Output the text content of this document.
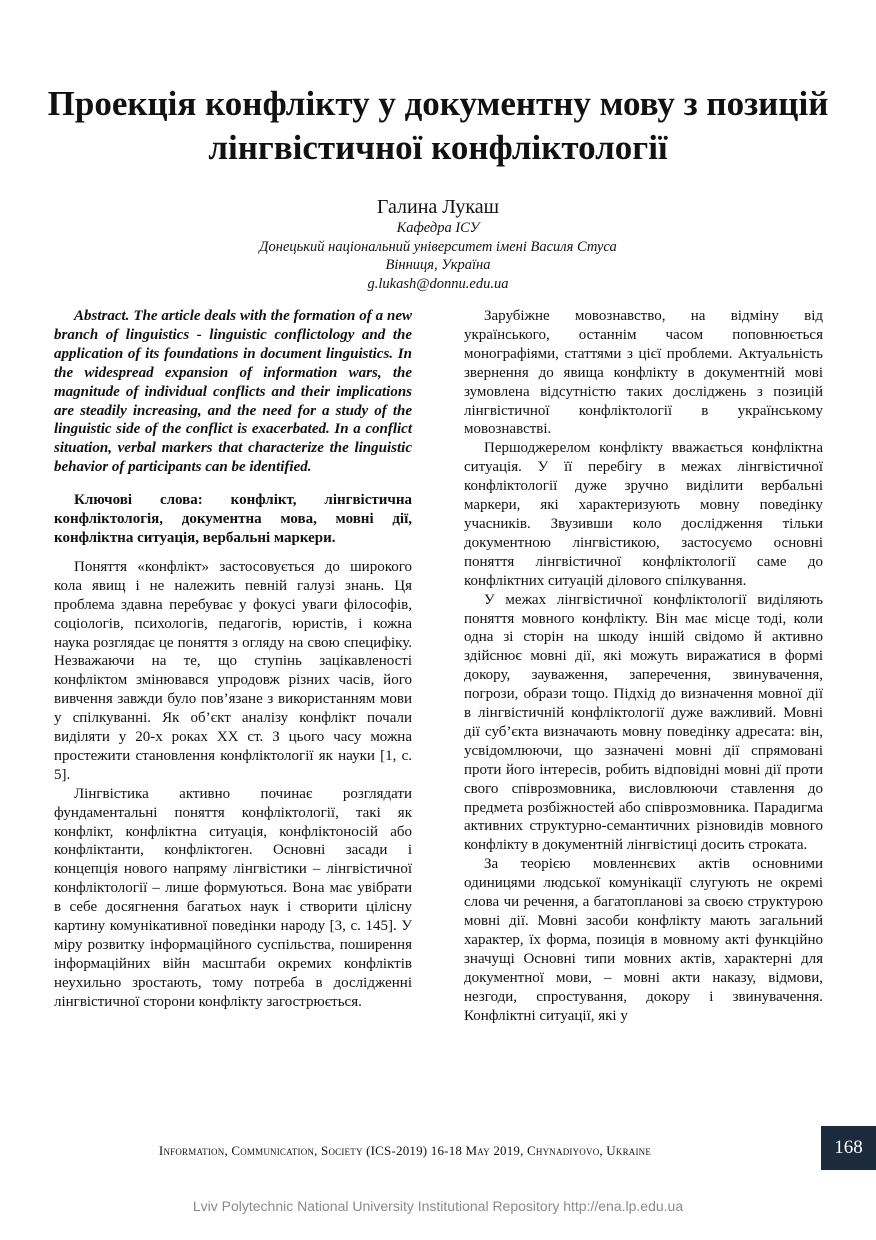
Проекція конфлікту у документну мову з позицій лінгвістичної конфліктології
Галина Лукаш
Кафедра ІСУ
Донецький національний університет імені Василя Стуса
Вінниця, Україна
g.lukash@donnu.edu.ua

Abstract. The article deals with the formation of a new branch of linguistics - linguistic conflictology and the application of its foundations in document linguistics. In the widespread expansion of information wars, the magnitude of individual conflicts and their implications are steadily increasing, and the need for a study of the linguistic side of the conflict is exacerbated. In a conflict situation, verbal markers that characterize the linguistic behavior of participants can be identified.

Ключові слова: конфлікт, лінгвістична конфліктологія, документна мова, мовні дії, конфліктна ситуація, вербальні маркери.

Поняття «конфлікт» застосовується до широкого кола явищ і не належить певній галузі знань. Ця проблема здавна перебуває у фокусі уваги філософів, соціологів, психологів, педагогів, юристів, і кожна наука розглядає це поняття з огляду на свою специфіку. Незважаючи на те, що ступінь зацікавленості конфліктом змінювався упродовж різних часів, його вивчення завжди було пов’язане з використанням мови у спілкуванні. Як об’єкт аналізу конфлікт почали виділяти у 20-х роках ХХ ст. З цього часу можна простежити становлення конфліктології як науки [1, с. 5].

Лінгвістика активно починає розглядати фундаментальні поняття конфліктології, такі як конфлікт, конфліктна ситуація, конфліктоносій або конфліктанти, конфліктоген. Основні засади і концепція нового напряму лінгвістики – лінгвістичної конфліктології – лише формуються. Вона має увібрати в себе досягнення багатьох наук і створити цілісну картину комунікативної поведінки народу [3, с. 145]. У міру розвитку інформаційного суспільства, поширення інформаційних війн масштаби окремих конфліктів неухильно зростають, тому потреба в дослідженні лінгвістичної сторони конфлікту загострюється.

Зарубіжне мовознавство, на відміну від українського, останнім часом поповнюється монографіями, статтями з цієї проблеми. Актуальність звернення до явища конфлікту в документній мові зумовлена відсутністю таких досліджень з позицій лінгвістичної конфліктології в українському мовознавстві.

Першоджерелом конфлікту вважається конфліктна ситуація. У її перебігу в межах лінгвістичної конфліктології дуже зручно виділити вербальні маркери, які характеризують мовну поведінку учасників. Звузивши коло дослідження тільки документною лінгвістикою, застосуємо основні поняття лінгвістичної конфліктології саме до конфліктних ситуацій ділового спілкування.

У межах лінгвістичної конфліктології виділяють поняття мовного конфлікту. Він має місце тоді, коли одна зі сторін на шкоду іншій свідомо й активно здійснює мовні дії, які можуть виражатися в формі докору, зауваження, заперечення, звинувачення, погрози, образи тощо. Підхід до визначення мовної дії в лінгвістичній конфліктології дуже важливий. Мовні дії суб’єкта визначають мовну поведінку адресата: він, усвідомлюючи, що зазначені мовні дії спрямовані проти його інтересів, робить відповідні мовні дії проти свого співрозмовника, висловлюючи ставлення до предмета розбіжностей або співрозмовника. Парадигма активних структурно-семантичних різновидів мовного конфлікту в документній лінгвістиці досить строката.

За теорією мовленнєвих актів основними одиницями людської комунікації слугують не окремі слова чи речення, а багатопланові за своєю структурою мовні дії. Мовні засоби конфлікту мають загальний характер, їх форма, позиція в мовному акті функційно значущі Основні типи мовних актів, характерні для документної мови, – мовні акти наказу, відмови, незгоди, спростування, докору і звинувачення. Конфліктні ситуації, які у

Information, Communication, Society (ICS-2019) 16-18 May 2019, Chynadiyovo, Ukraine	168
Lviv Polytechnic National University Institutional Repository http://ena.lp.edu.ua
